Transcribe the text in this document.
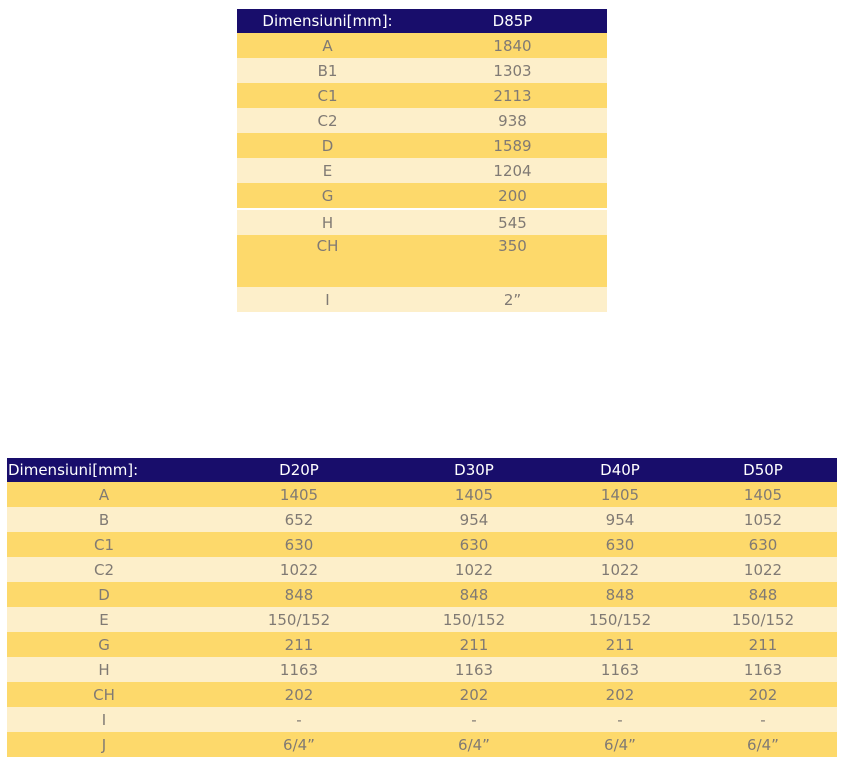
Dimensiuni[mm]:	D85P
A	1840
B1	1303
C1	2113
C2	938
D	1589
E	1204
G	200
H	545
CH	350
I	2”
Dimensiuni[mm]:	D20P	D30P	D40P	D50P
A	1405	1405	1405	1405
B	652	954	954	1052
C1	630	630	630	630
C2	1022	1022	1022	1022
D	848	848	848	848
E	150/152	150/152	150/152	150/152
G	211	211	211	211
H	1163	1163	1163	1163
CH	202	202	202	202
I	-	-	-	-
J	6/4”	6/4”	6/4”	6/4”
